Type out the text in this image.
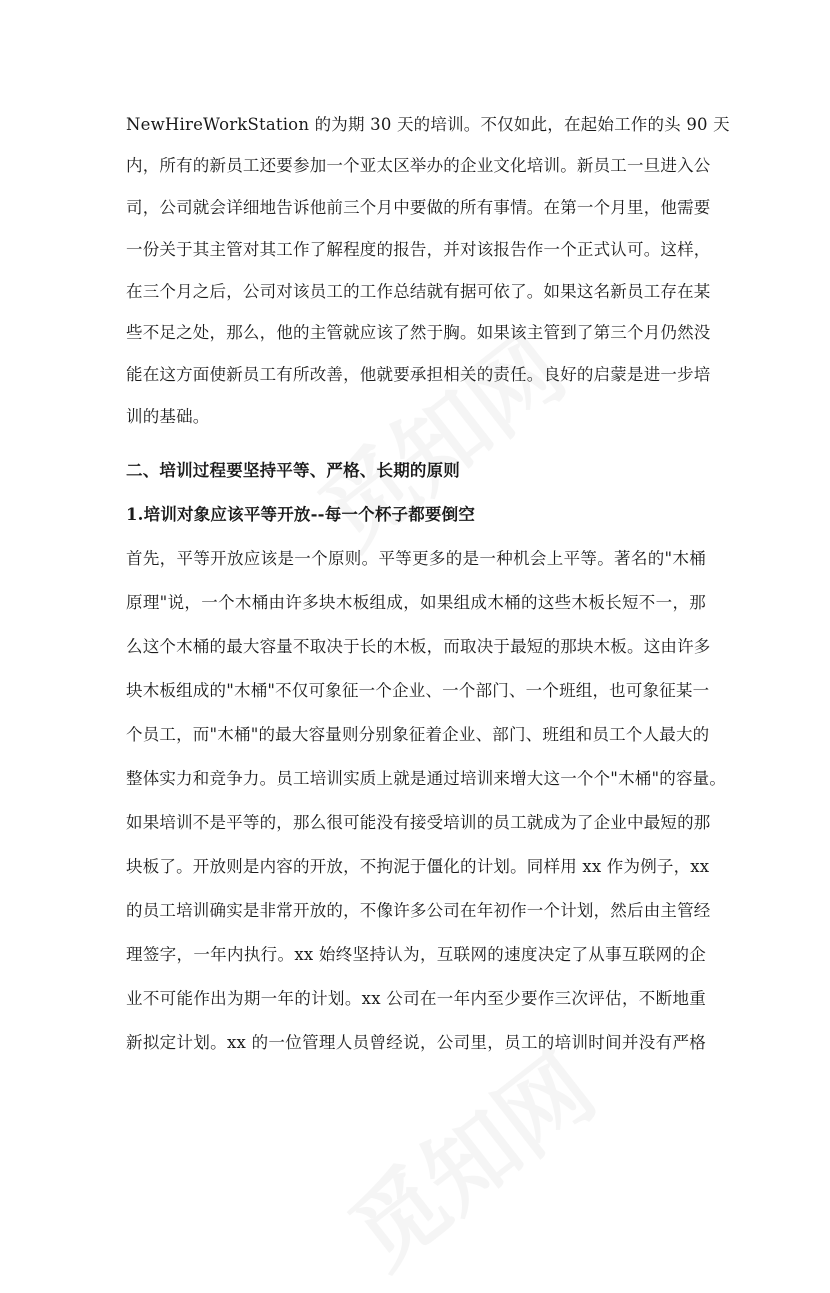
NewHireWorkStation 的为期 30 天的培训。不仅如此，在起始工作的头 90 天
内，所有的新员工还要参加一个亚太区举办的企业文化培训。新员工一旦进入公
司，公司就会详细地告诉他前三个月中要做的所有事情。在第一个月里，他需要
一份关于其主管对其工作了解程度的报告，并对该报告作一个正式认可。这样，
在三个月之后，公司对该员工的工作总结就有据可依了。如果这名新员工存在某
些不足之处，那么，他的主管就应该了然于胸。如果该主管到了第三个月仍然没
能在这方面使新员工有所改善，他就要承担相关的责任。良好的启蒙是进一步培
训的基础。
二、培训过程要坚持平等、严格、长期的原则
1.培训对象应该平等开放--每一个杯子都要倒空
首先，平等开放应该是一个原则。平等更多的是一种机会上平等。著名的"木桶
原理"说，一个木桶由许多块木板组成，如果组成木桶的这些木板长短不一，那
么这个木桶的最大容量不取决于长的木板，而取决于最短的那块木板。这由许多
块木板组成的"木桶"不仅可象征一个企业、一个部门、一个班组，也可象征某一
个员工，而"木桶"的最大容量则分别象征着企业、部门、班组和员工个人最大的
整体实力和竞争力。员工培训实质上就是通过培训来增大这一个个"木桶"的容量。
如果培训不是平等的，那么很可能没有接受培训的员工就成为了企业中最短的那
块板了。开放则是内容的开放，不拘泥于僵化的计划。同样用 xx 作为例子，xx
的员工培训确实是非常开放的，不像许多公司在年初作一个计划，然后由主管经
理签字，一年内执行。xx 始终坚持认为，互联网的速度决定了从事互联网的企
业不可能作出为期一年的计划。xx 公司在一年内至少要作三次评估，不断地重
新拟定计划。xx 的一位管理人员曾经说，公司里，员工的培训时间并没有严格
